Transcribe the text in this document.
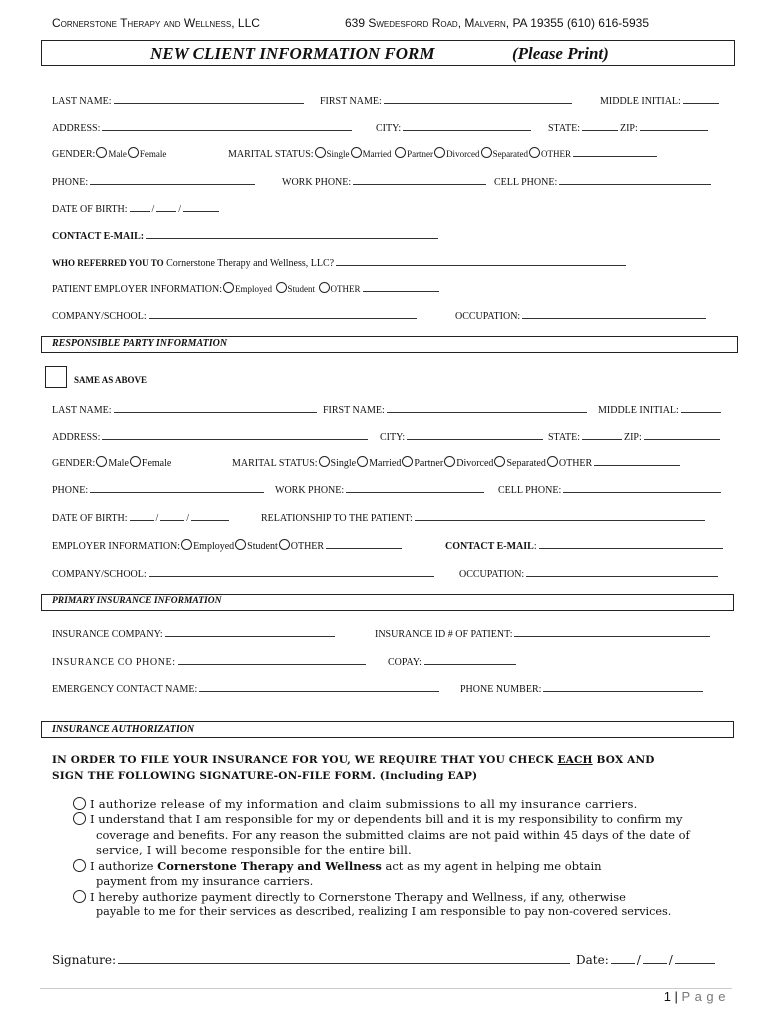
Cornerstone Therapy and Wellness, LLC	639 Swedesford Road, Malvern, PA 19355 (610) 616-5935
NEW CLIENT INFORMATION FORM	(Please Print)
LAST NAME:	FIRST NAME:	MIDDLE INITIAL:
ADDRESS:	CITY:	STATE:	ZIP:
GENDER: Male Female	MARITAL STATUS: Single Married Partner Divorced Separated OTHER
PHONE:	WORK PHONE:	CELL PHONE:
DATE OF BIRTH: / /
CONTACT E-MAIL:
WHO REFERRED YOU TO Cornerstone Therapy and Wellness, LLC?
PATIENT EMPLOYER INFORMATION: Employed Student OTHER
COMPANY/SCHOOL:	OCCUPATION:
RESPONSIBLE PARTY INFORMATION
SAME AS ABOVE
LAST NAME:	FIRST NAME:	MIDDLE INITIAL:
ADDRESS:	CITY:	STATE:	ZIP:
GENDER: Male Female	MARITAL STATUS: Single Married Partner Divorced Separated OTHER
PHONE:	WORK PHONE:	CELL PHONE:
DATE OF BIRTH:	/	/	RELATIONSHIP TO THE PATIENT:
EMPLOYER INFORMATION: Employed Student OTHER	CONTACT E-MAIL:
COMPANY/SCHOOL:	OCCUPATION:
PRIMARY INSURANCE INFORMATION
INSURANCE COMPANY:	INSURANCE ID # OF PATIENT:
INSURANCE CO PHONE:	COPAY:
EMERGENCY CONTACT NAME:	PHONE NUMBER:
INSURANCE AUTHORIZATION
IN ORDER TO FILE YOUR INSURANCE FOR YOU, WE REQUIRE THAT YOU CHECK EACH BOX AND
SIGN THE FOLLOWING SIGNATURE-ON-FILE FORM. (Including EAP)
I authorize release of my information and claim submissions to all my insurance carriers.
I understand that I am responsible for my or dependents bill and it is my responsibility to confirm my
coverage and benefits. For any reason the submitted claims are not paid within 45 days of the date of
service, I will become responsible for the entire bill.
I authorize Cornerstone Therapy and Wellness act as my agent in helping me obtain
payment from my insurance carriers.
I hereby authorize payment directly to Cornerstone Therapy and Wellness, if any, otherwise
payable to me for their services as described, realizing I am responsible to pay non-covered services.
Signature:	Date: / /
1 | P a g e
